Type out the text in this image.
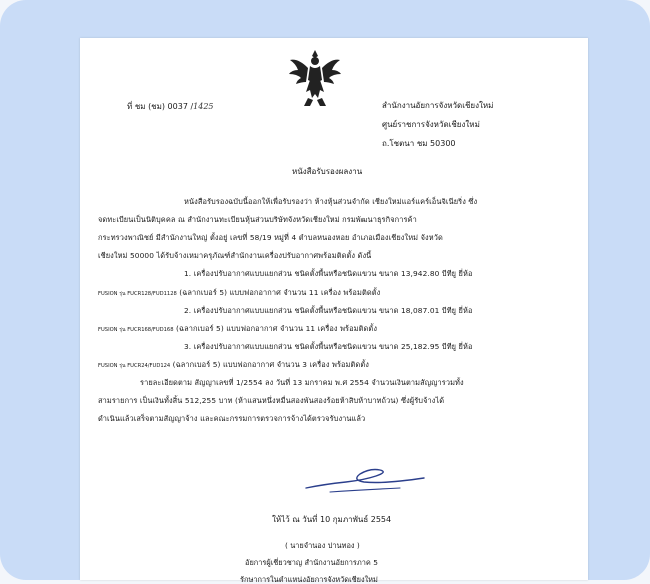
ที่ ชม (ชม) 0037 /1425	สำนักงานอัยการจังหวัดเชียงใหม่
ศูนย์ราชการจังหวัดเชียงใหม่
ถ.โชตนา ชม 50300
หนังสือรับรองผลงาน
หนังสือรับรองฉบับนี้ออกให้เพื่อรับรองว่า ห้างหุ้นส่วนจำกัด เชียงใหม่แอร์แคร์เอ็นจิเนียริ่ง ซึ่ง
จดทะเบียนเป็นนิติบุคคล ณ สำนักงานทะเบียนหุ้นส่วนบริษัทจังหวัดเชียงใหม่ กรมพัฒนาธุรกิจการค้า
กระทรวงพาณิชย์ มีสำนักงานใหญ่ ตั้งอยู่ เลขที่ 58/19 หมู่ที่ 4 ตำบลหนองหอย อำเภอเมืองเชียงใหม่ จังหวัด
เชียงใหม่ 50000 ได้รับจ้างเหมาครุภัณฑ์สำนักงานเครื่องปรับอากาศพร้อมติดตั้ง ดังนี้
1. เครื่องปรับอากาศแบบแยกส่วน ชนิดตั้งพื้นหรือชนิดแขวน ขนาด 13,942.80 บีทียู ยี่ห้อ
FUSION รุ่น FUCR128/FUD1128 (ฉลากเบอร์ 5) แบบฟอกอากาศ จำนวน 11 เครื่อง พร้อมติดตั้ง
2. เครื่องปรับอากาศแบบแยกส่วน ชนิดตั้งพื้นหรือชนิดแขวน ขนาด 18,087.01 บีทียู ยี่ห้อ
FUSION รุ่น FUCR168/FUD168 (ฉลากเบอร์ 5) แบบฟอกอากาศ จำนวน 11 เครื่อง พร้อมติดตั้ง
3. เครื่องปรับอากาศแบบแยกส่วน ชนิดตั้งพื้นหรือชนิดแขวน ขนาด 25,182.95 บีทียู ยี่ห้อ
FUSION รุ่น FUCR24/FUD124 (ฉลากเบอร์ 5) แบบฟอกอากาศ จำนวน 3 เครื่อง พร้อมติดตั้ง
รายละเอียดตาม สัญญาเลขที่ 1/2554 ลง วันที่ 13 มกราคม พ.ศ 2554 จำนวนเงินตามสัญญารวมทั้ง
สามรายการ เป็นเงินทั้งสิ้น 512,255 บาท (ห้าแสนหนึ่งหมื่นสองพันสองร้อยห้าสิบห้าบาทถ้วน) ซึ่งผู้รับจ้างได้
ดำเนินแล้วเสร็จตามสัญญาจ้าง และคณะกรรมการตรวจการจ้างได้ตรวจรับงานแล้ว
ให้ไว้ ณ วันที่ 10 กุมภาพันธ์ 2554
( นายจำนอง ปานทอง )
อัยการผู้เชี่ยวชาญ สำนักงานอัยการภาค 5
รักษาการในตำแหน่งอัยการจังหวัดเชียงใหม่
